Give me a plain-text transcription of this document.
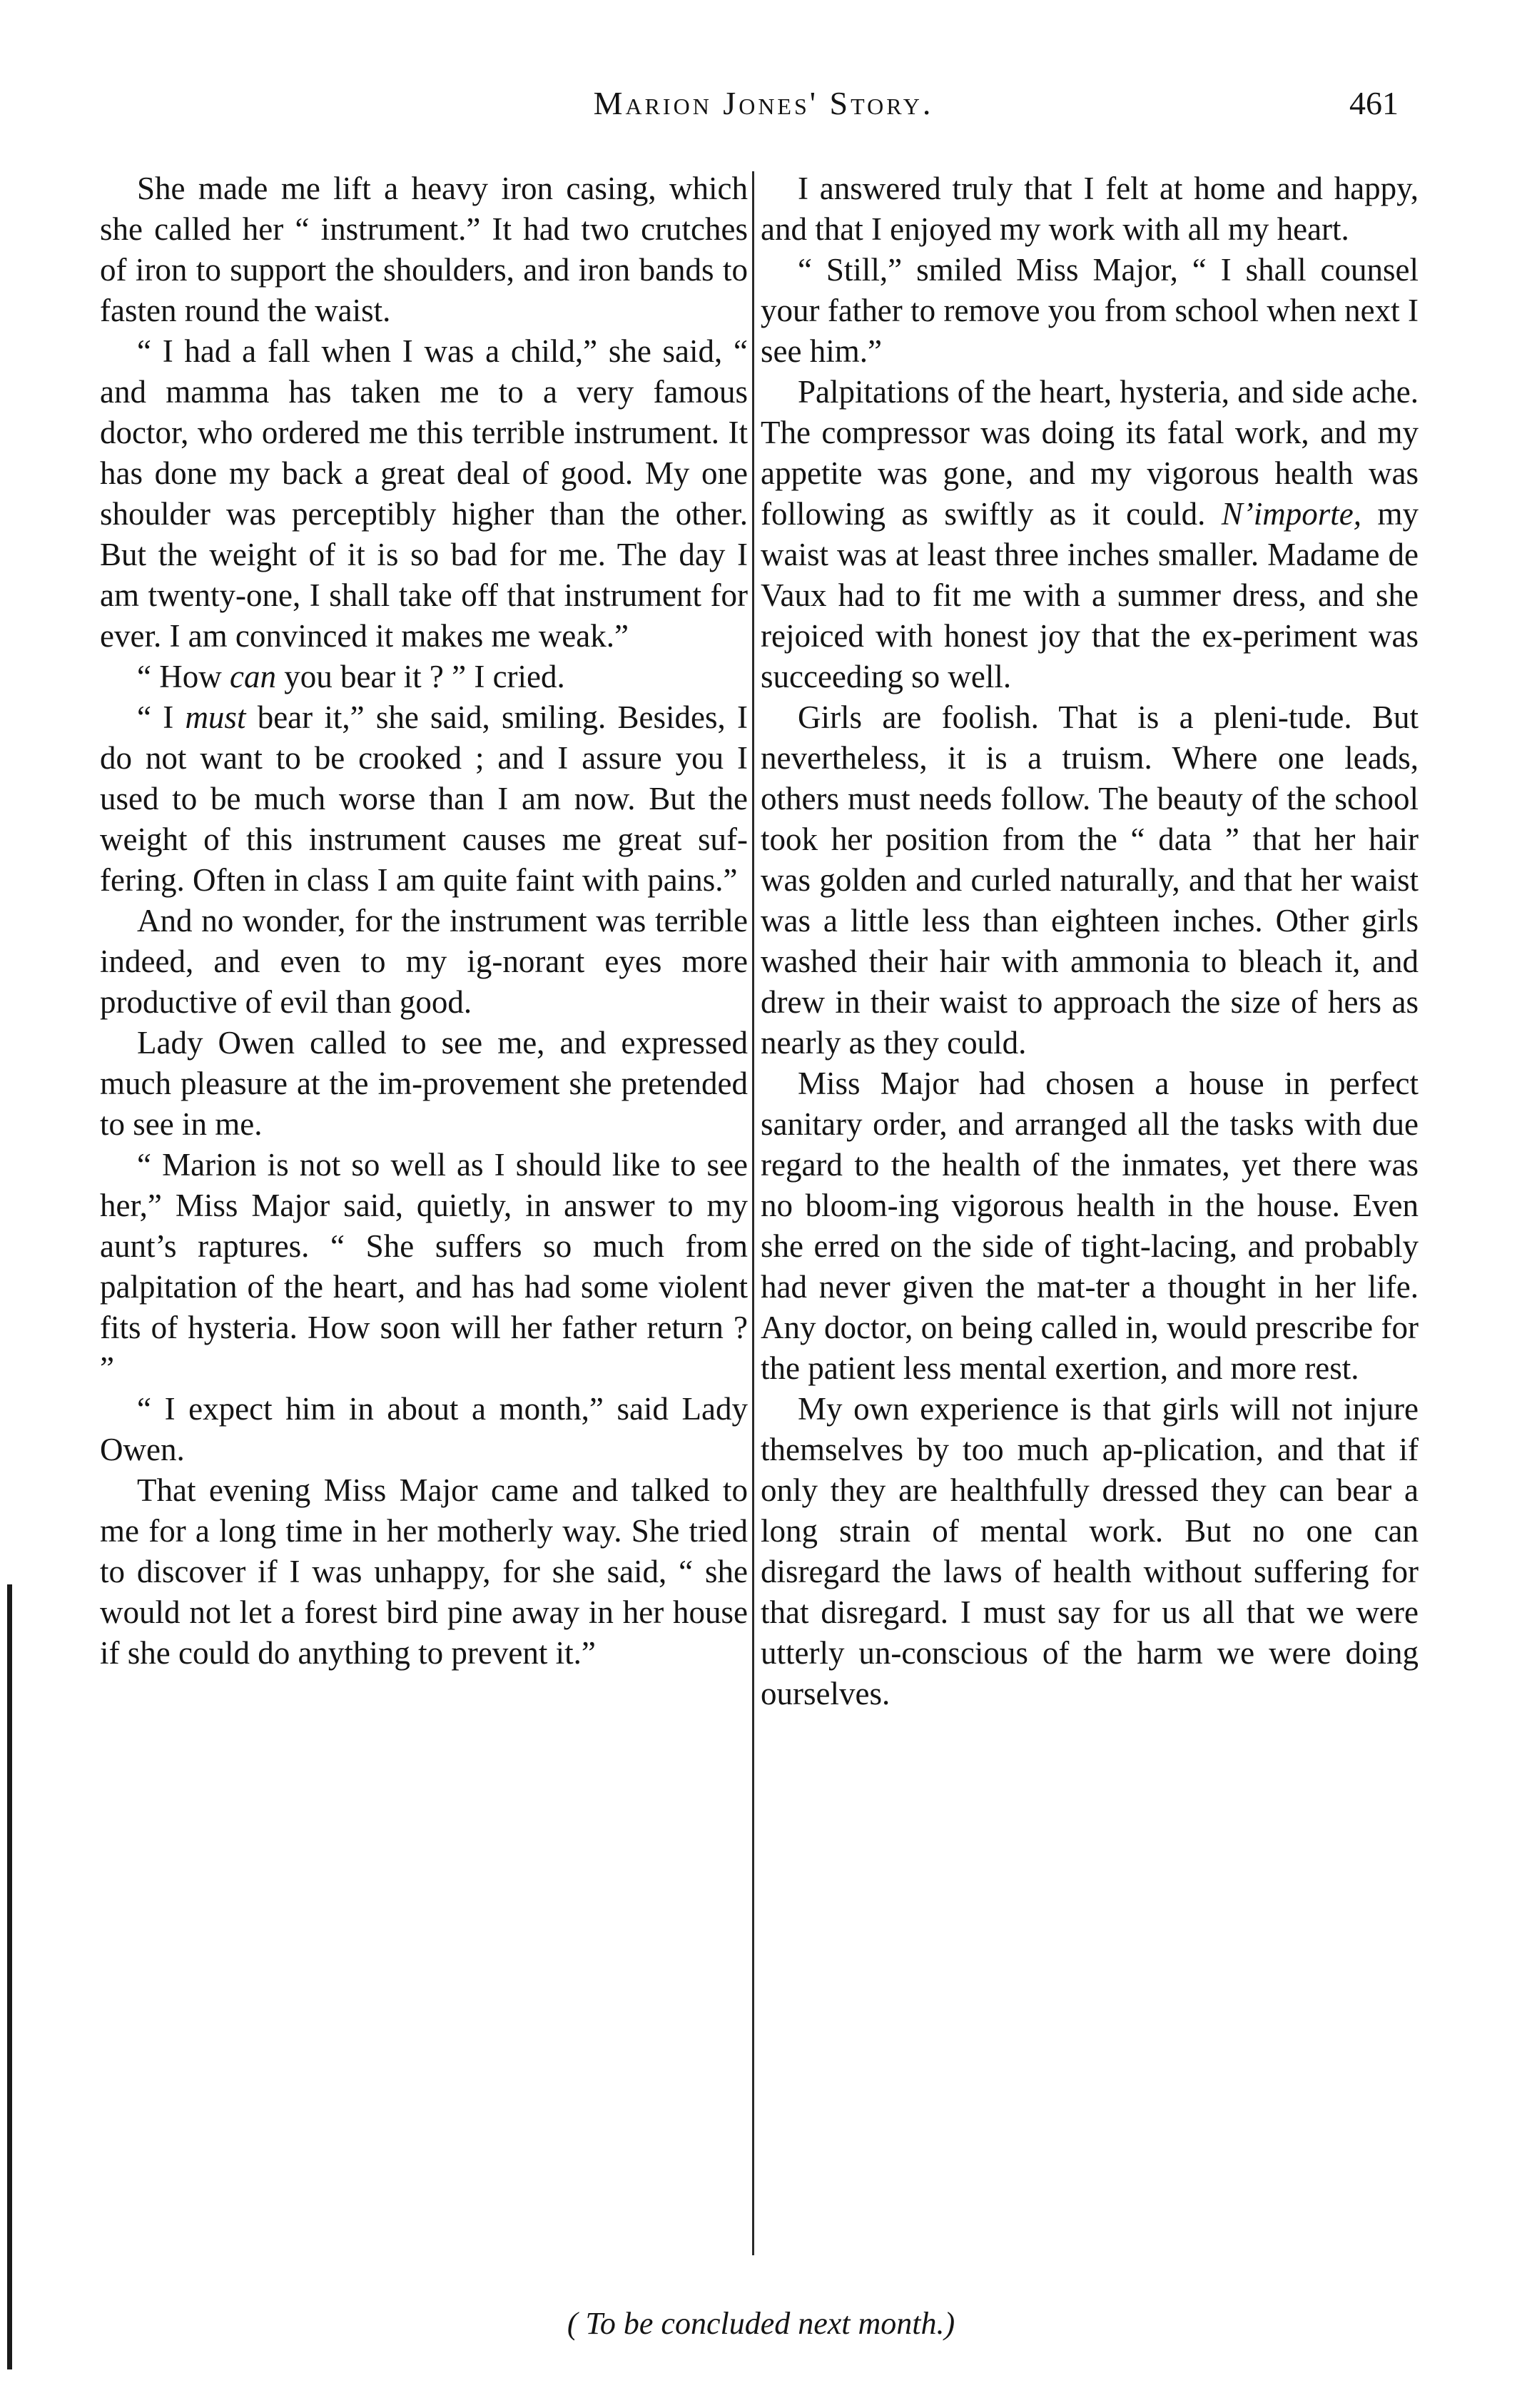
Marion Jones' Story.	461

She made me lift a heavy iron casing, which she called her “ instrument.” It had two crutches of iron to support the shoulders, and iron bands to fasten round the waist.

“ I had a fall when I was a child,” she said, “ and mamma has taken me to a very famous doctor, who ordered me this terrible instrument. It has done my back a great deal of good. My one shoulder was perceptibly higher than the other. But the weight of it is so bad for me. The day I am twenty-one, I shall take off that instrument for ever. I am convinced it makes me weak.”

“ How can you bear it ? ” I cried.

“ I must bear it,” she said, smiling. Besides, I do not want to be crooked ; and I assure you I used to be much worse than I am now. But the weight of this instrument causes me great suf-fering. Often in class I am quite faint with pains.”

And no wonder, for the instrument was terrible indeed, and even to my ig-norant eyes more productive of evil than good.

Lady Owen called to see me, and expressed much pleasure at the im-provement she pretended to see in me.

“ Marion is not so well as I should like to see her,” Miss Major said, quietly, in answer to my aunt’s raptures. “ She suffers so much from palpitation of the heart, and has had some violent fits of hysteria. How soon will her father return ? ”

“ I expect him in about a month,” said Lady Owen.

That evening Miss Major came and talked to me for a long time in her motherly way. She tried to discover if I was unhappy, for she said, “ she would not let a forest bird pine away in her house if she could do anything to prevent it.”

I answered truly that I felt at home and happy, and that I enjoyed my work with all my heart.

“ Still,” smiled Miss Major, “ I shall counsel your father to remove you from school when next I see him.”

Palpitations of the heart, hysteria, and side ache. The compressor was doing its fatal work, and my appetite was gone, and my vigorous health was following as swiftly as it could. N’importe, my waist was at least three inches smaller. Madame de Vaux had to fit me with a summer dress, and she rejoiced with honest joy that the ex-periment was succeeding so well.

Girls are foolish. That is a pleni-tude. But nevertheless, it is a truism. Where one leads, others must needs follow. The beauty of the school took her position from the “ data ” that her hair was golden and curled naturally, and that her waist was a little less than eighteen inches. Other girls washed their hair with ammonia to bleach it, and drew in their waist to approach the size of hers as nearly as they could.

Miss Major had chosen a house in perfect sanitary order, and arranged all the tasks with due regard to the health of the inmates, yet there was no bloom-ing vigorous health in the house. Even she erred on the side of tight-lacing, and probably had never given the mat-ter a thought in her life. Any doctor, on being called in, would prescribe for the patient less mental exertion, and more rest.

My own experience is that girls will not injure themselves by too much ap-plication, and that if only they are healthfully dressed they can bear a long strain of mental work. But no one can disregard the laws of health without suffering for that disregard. I must say for us all that we were utterly un-conscious of the harm we were doing ourselves.

( To be concluded next month.)
